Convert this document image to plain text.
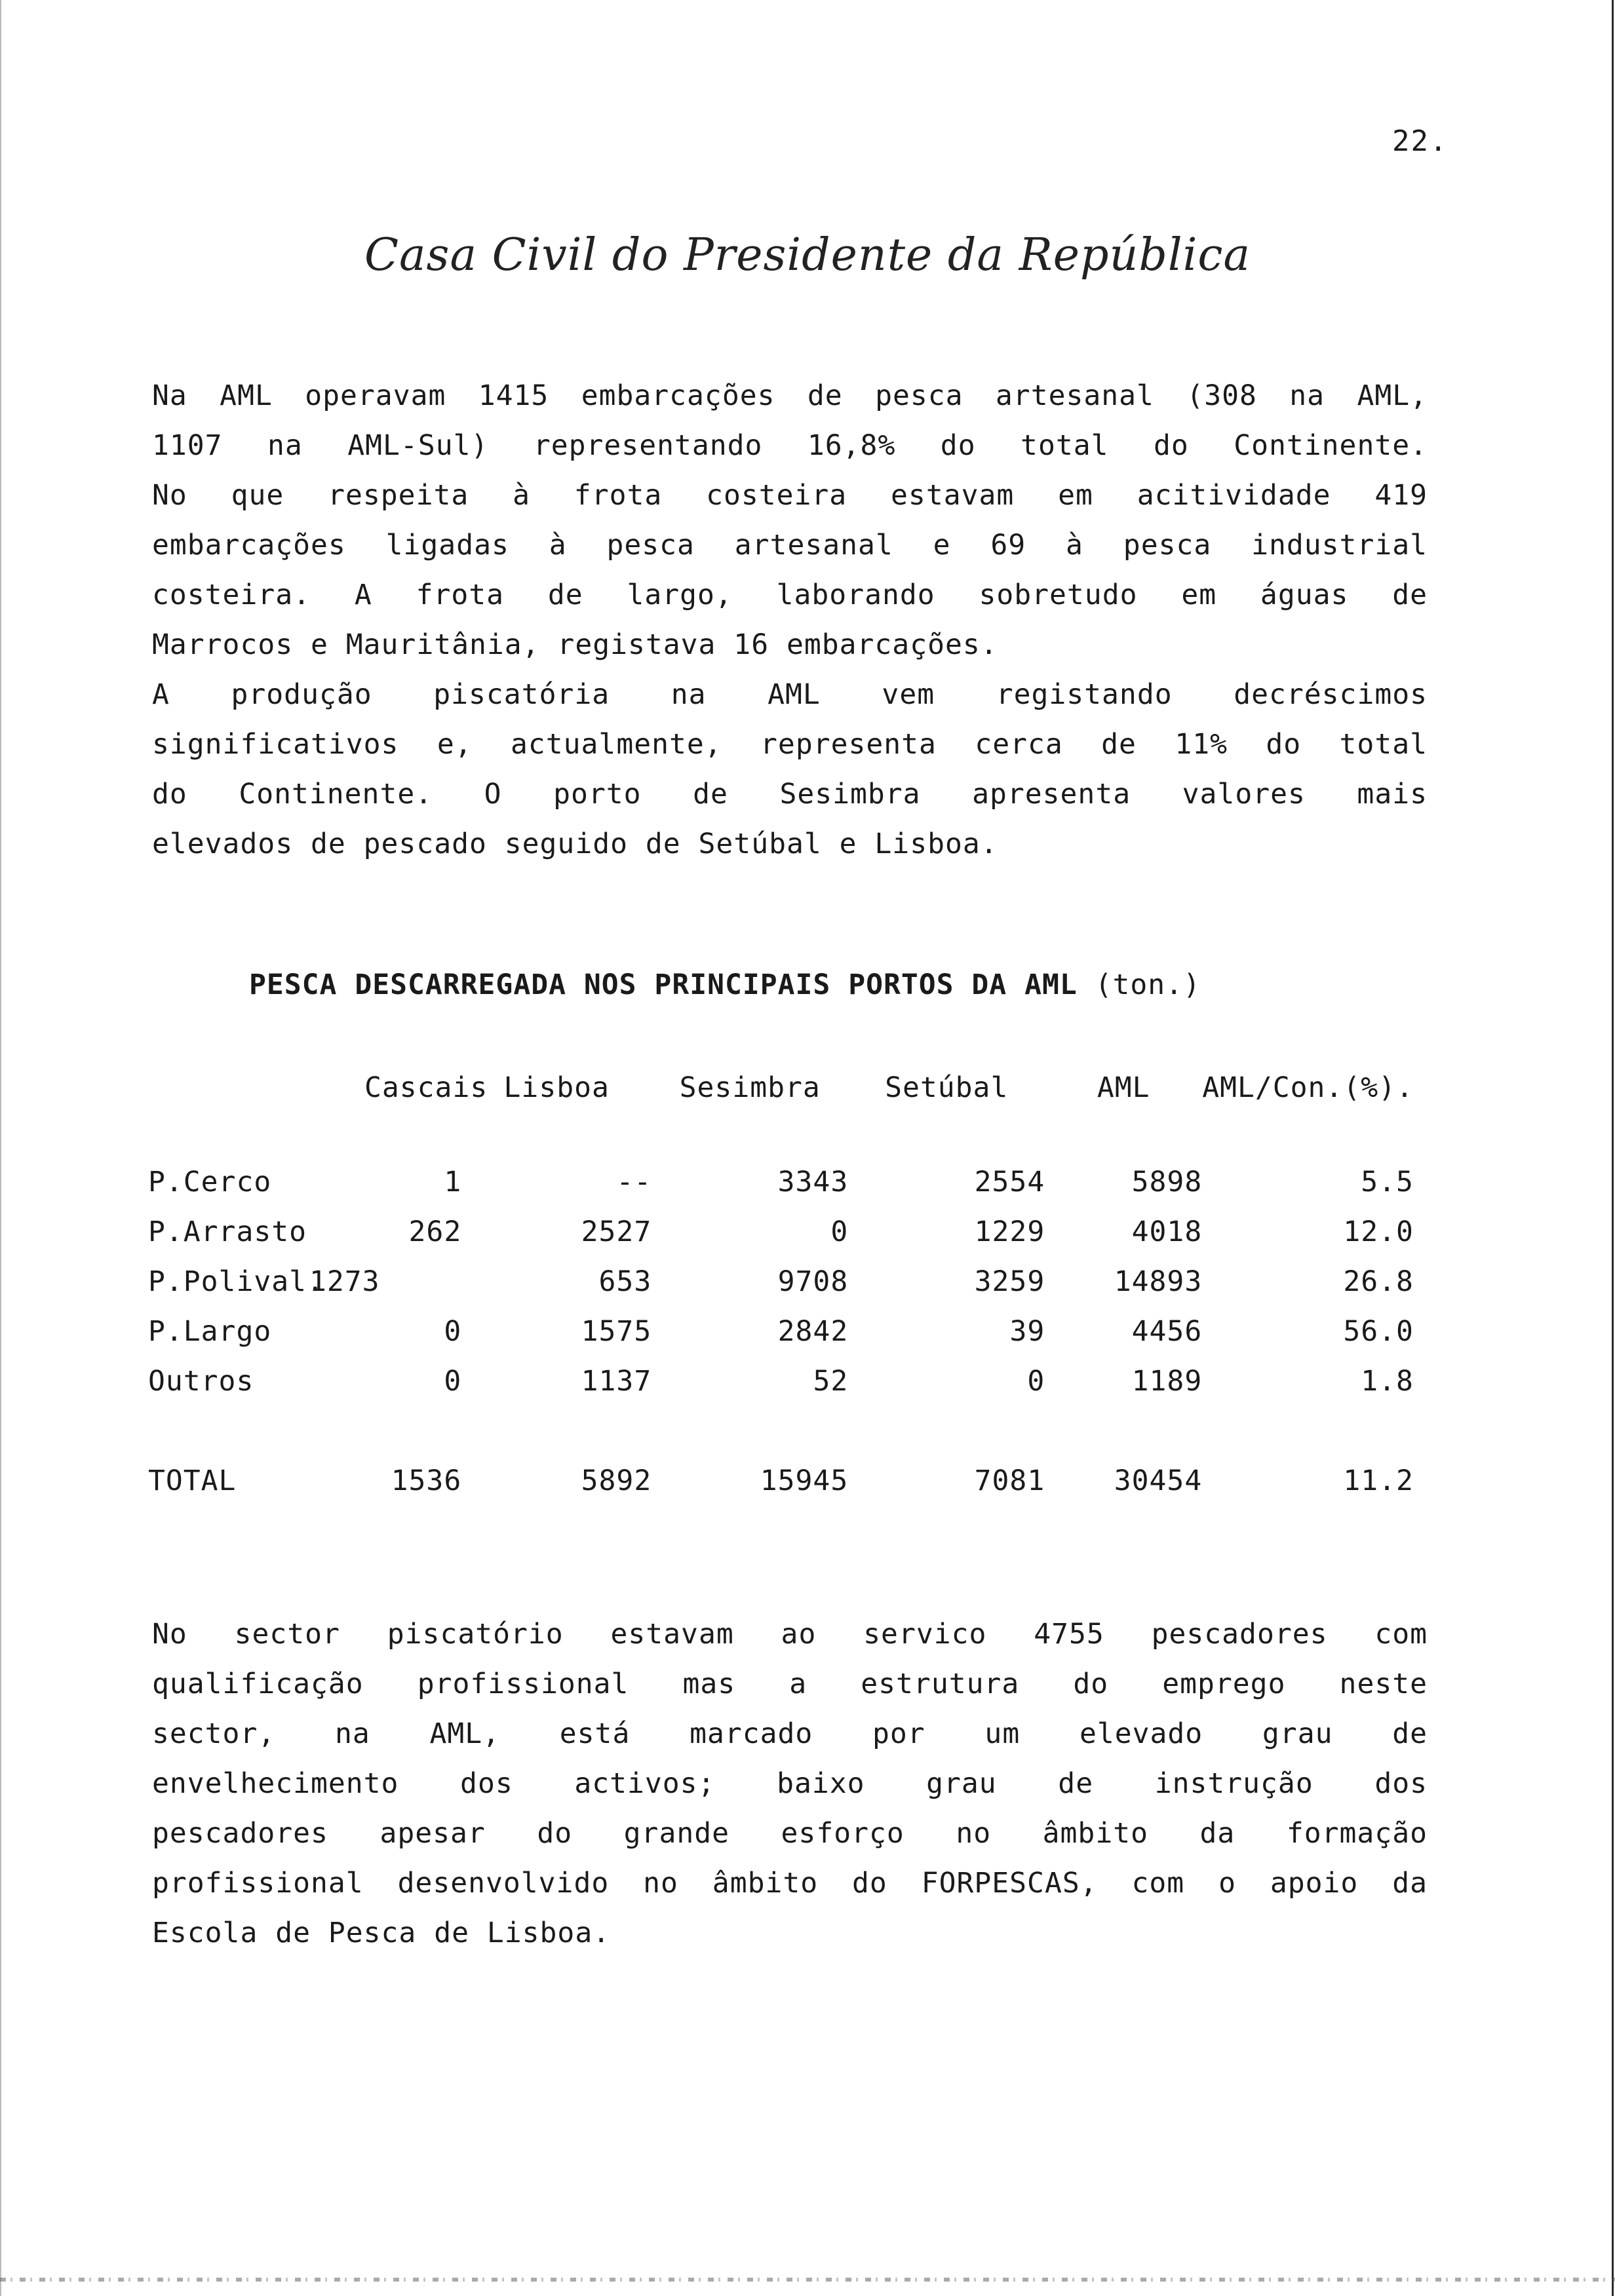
22.
Casa Civil do Presidente da República
Na AML operavam 1415 embarcações de pesca artesanal (308 na AML,
1107 na AML-Sul) representando 16,8% do total do Continente.
No que respeita à frota costeira estavam em acitividade 419
embarcações ligadas à pesca artesanal e 69 à pesca industrial
costeira. A frota de largo, laborando sobretudo em águas de
Marrocos e Mauritânia, registava 16 embarcações.
A produção piscatória na AML vem registando decréscimos
significativos e, actualmente, representa cerca de 11% do total
do Continente. O porto de Sesimbra apresenta valores mais
elevados de pescado seguido de Setúbal e Lisboa.
PESCA DESCARREGADA NOS PRINCIPAIS PORTOS DA AML (ton.)
	Cascais	Lisboa	Sesimbra	Setúbal	AML	AML/Con.(%).

P.Cerco	1	--	3343	2554	5898	5.5
P.Arrasto	262	2527	0	1229	4018	12.0
P.Polival.	1273	653	9708	3259	14893	26.8
P.Largo	0	1575	2842	39	4456	56.0
Outros	0	1137	52	0	1189	1.8

TOTAL	1536	5892	15945	7081	30454	11.2
No sector piscatório estavam ao servico 4755 pescadores com
qualificação profissional mas a estrutura do emprego neste
sector, na AML, está marcado por um elevado grau de
envelhecimento dos activos; baixo grau de instrução dos
pescadores apesar do grande esforço no âmbito da formação
profissional desenvolvido no âmbito do FORPESCAS, com o apoio da
Escola de Pesca de Lisboa.
